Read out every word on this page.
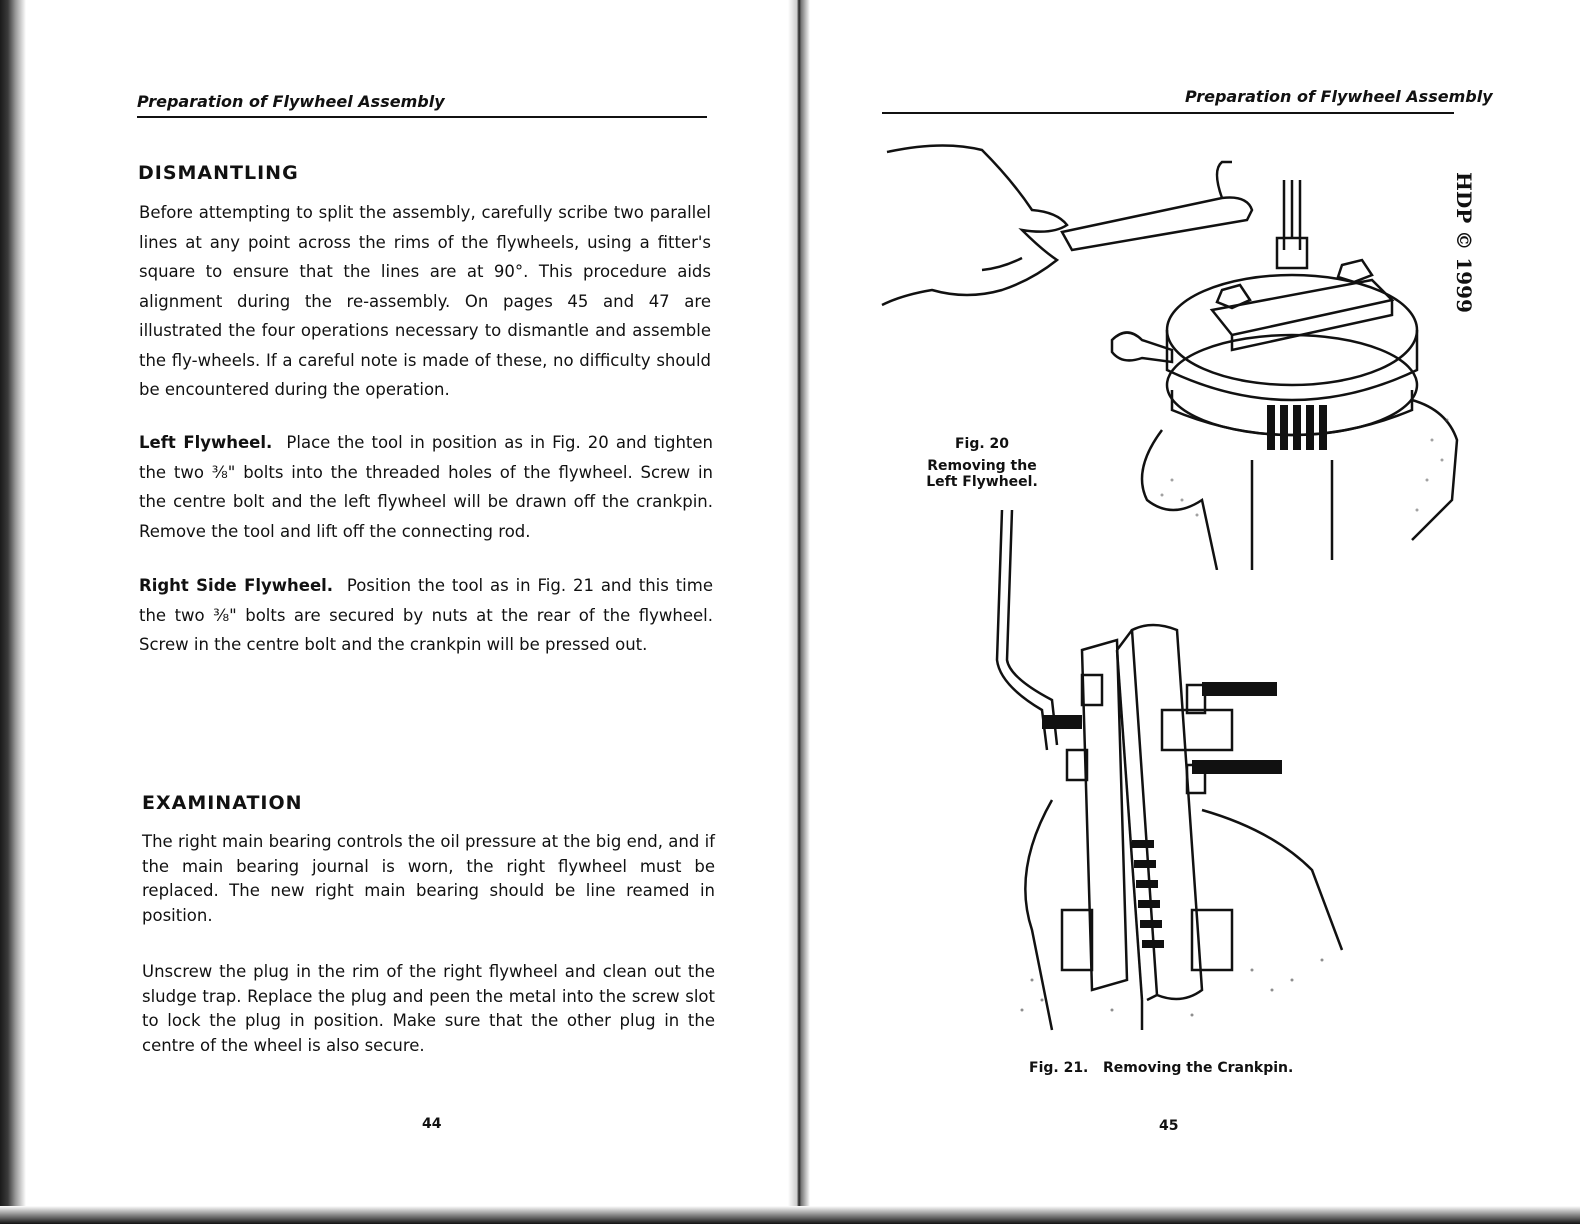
Preparation of Flywheel Assembly
DISMANTLING

Before attempting to split the assembly, carefully scribe two parallel lines at any point across the rims of the flywheels, using a fitter's square to ensure that the lines are at 90°. This procedure aids alignment during the re-assembly. On pages 45 and 47 are illustrated the four operations necessary to dismantle and assemble the fly-wheels. If a careful note is made of these, no difficulty should be encountered during the operation.

Left Flywheel. Place the tool in position as in Fig. 20 and tighten the two ⅜" bolts into the threaded holes of the flywheel. Screw in the centre bolt and the left flywheel will be drawn off the crankpin. Remove the tool and lift off the connecting rod.

Right Side Flywheel. Position the tool as in Fig. 21 and this time the two ⅜" bolts are secured by nuts at the rear of the flywheel. Screw in the centre bolt and the crankpin will be pressed out.

EXAMINATION

The right main bearing controls the oil pressure at the big end, and if the main bearing journal is worn, the right flywheel must be replaced. The new right main bearing should be line reamed in position.

Unscrew the plug in the rim of the right flywheel and clean out the sludge trap. Replace the plug and peen the metal into the screw slot to lock the plug in position. Make sure that the other plug in the centre of the wheel is also secure.

44
Preparation of Flywheel Assembly
Fig. 20
Removing the
Left Flywheel.
Fig. 21. Removing the Crankpin.
45
HDP © 1999
